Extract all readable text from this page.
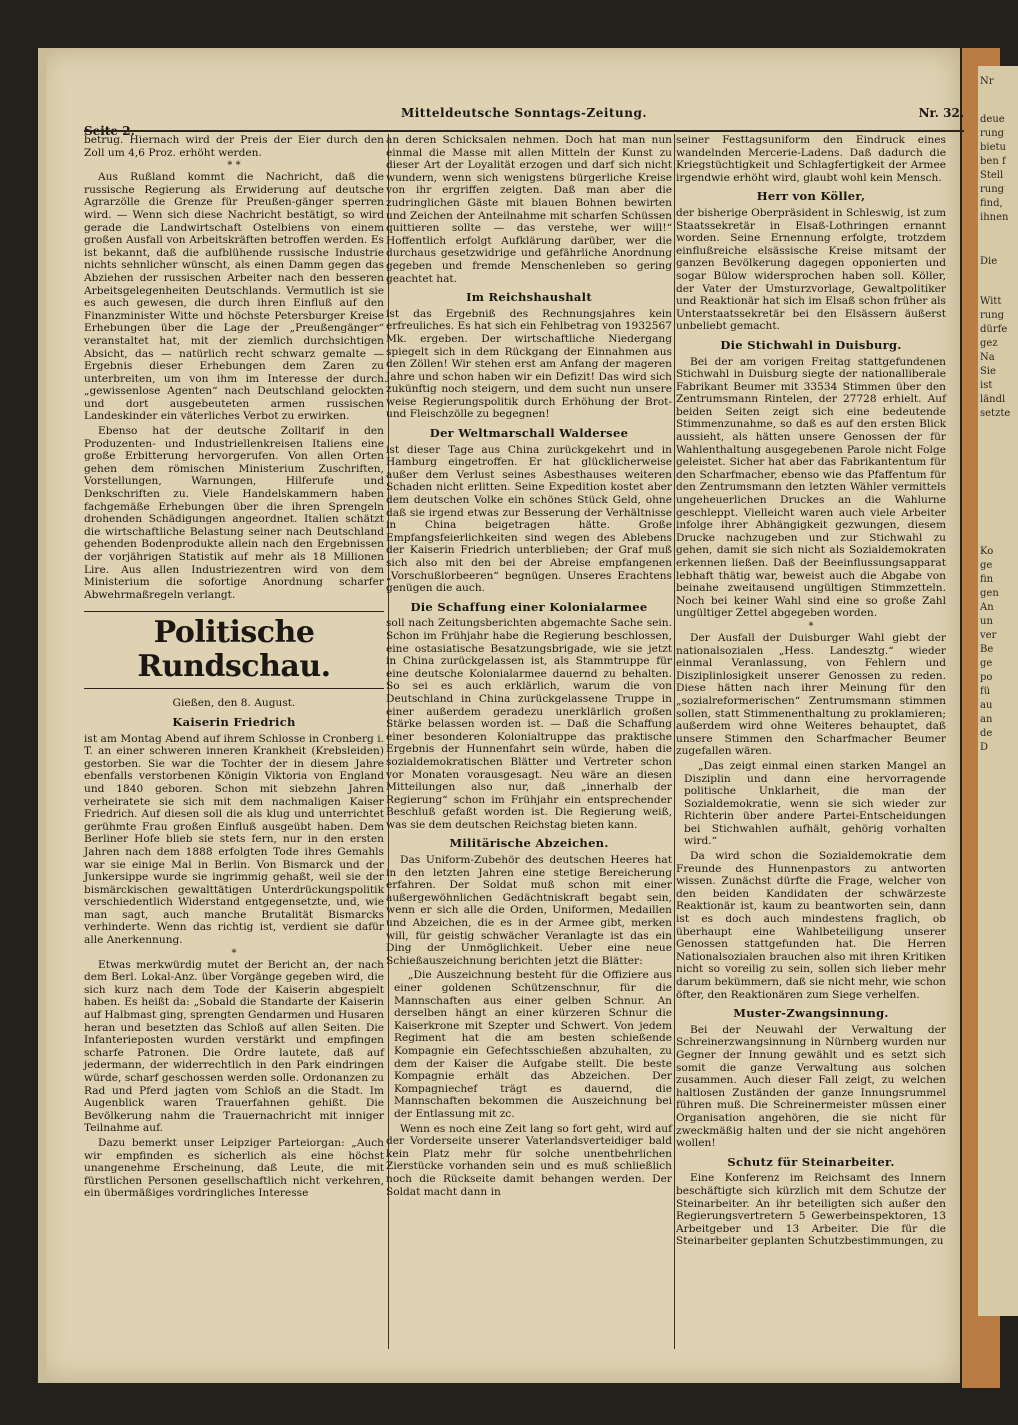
Nr
deue
rung
bietu
ben f
Stell
rung
find,
ihnen
Die
Witt
rung
dürfe
gez
Na
Sie
ist
ländl
setzte
Ko
ge
fin
gen
An
un
ver
Be
ge
po
fü
au
an
de
D
Seite 2.
Mitteldeutsche Sonntags-Zeitung.	Nr. 32.

betrug. Hiernach wird der Preis der Eier durch den Zoll um 4,6 Proz. erhöht werden.

* *

Aus Rußland kommt die Nachricht, daß die russische Regierung als Erwiderung auf deutsche Agrarzölle die Grenze für Preußen-gänger sperren wird. — Wenn sich diese Nachricht bestätigt, so wird gerade die Landwirtschaft Ostelbiens von einem großen Ausfall von Arbeitskräften betroffen werden. Es ist bekannt, daß die aufblühende russische Industrie nichts sehnlicher wünscht, als einen Damm gegen das Abziehen der russischen Arbeiter nach den besseren Arbeitsgelegenheiten Deutschlands. Vermutlich ist sie es auch gewesen, die durch ihren Einfluß auf den Finanzminister Witte und höchste Petersburger Kreise Erhebungen über die Lage der „Preußengänger“ veranstaltet hat, mit der ziemlich durchsichtigen Absicht, das — natürlich recht schwarz gemalte — Ergebnis dieser Erhebungen dem Zaren zu unterbreiten, um von ihm im Interesse der durch „gewissenlose Agenten“ nach Deutschland gelockten und dort ausgebeuteten armen russischen Landeskinder ein väterliches Verbot zu erwirken.

Ebenso hat der deutsche Zolltarif in den Produzenten- und Industriellenkreisen Italiens eine große Erbitterung hervorgerufen. Von allen Orten gehen dem römischen Ministerium Zuschriften, Vorstellungen, Warnungen, Hilferufe und Denkschriften zu. Viele Handelskammern haben fachgemäße Erhebungen über die ihren Sprengeln drohenden Schädigungen angeordnet. Italien schätzt die wirtschaftliche Belastung seiner nach Deutschland gehenden Bodenprodukte allein nach den Ergebnissen der vorjährigen Statistik auf mehr als 18 Millionen Lire. Aus allen Industriezentren wird von dem Ministerium die sofortige Anordnung scharfer Abwehrmaßregeln verlangt.

Politische Rundschau.
Gießen, den 8. August.
Kaiserin Friedrich

ist am Montag Abend auf ihrem Schlosse in Cronberg i. T. an einer schweren inneren Krankheit (Krebsleiden) gestorben. Sie war die Tochter der in diesem Jahre ebenfalls verstorbenen Königin Viktoria von England und 1840 geboren. Schon mit siebzehn Jahren verheiratete sie sich mit dem nachmaligen Kaiser Friedrich. Auf diesen soll die als klug und unterrichtet gerühmte Frau großen Einfluß ausgeübt haben. Dem Berliner Hofe blieb sie stets fern, nur in den ersten Jahren nach dem 1888 erfolgten Tode ihres Gemahls war sie einige Mal in Berlin. Von Bismarck und der Junkersippe wurde sie ingrimmig gehaßt, weil sie der bismärckischen gewalttätigen Unterdrückungspolitik verschiedentlich Widerstand entgegensetzte, und, wie man sagt, auch manche Brutalität Bismarcks verhinderte. Wenn das richtig ist, verdient sie dafür alle Anerkennung.

*

Etwas merkwürdig mutet der Bericht an, der nach dem Berl. Lokal-Anz. über Vorgänge gegeben wird, die sich kurz nach dem Tode der Kaiserin abgespielt haben. Es heißt da: „Sobald die Standarte der Kaiserin auf Halbmast ging, sprengten Gendarmen und Husaren heran und besetzten das Schloß auf allen Seiten. Die Infanterieposten wurden verstärkt und empfingen scharfe Patronen. Die Ordre lautete, daß auf jedermann, der widerrechtlich in den Park eindringen würde, scharf geschossen werden solle. Ordonanzen zu Rad und Pferd jagten vom Schloß an die Stadt. Im Augenblick waren Trauerfahnen gehißt. Die Bevölkerung nahm die Trauernachricht mit inniger Teilnahme auf.

Dazu bemerkt unser Leipziger Parteiorgan: „Auch wir empfinden es sicherlich als eine höchst unangenehme Erscheinung, daß Leute, die mit fürstlichen Personen gesellschaftlich nicht verkehren, ein übermäßiges vordringliches Interesse

an deren Schicksalen nehmen. Doch hat man nun einmal die Masse mit allen Mitteln der Kunst zu dieser Art der Loyalität erzogen und darf sich nicht wundern, wenn sich wenigstens bürgerliche Kreise von ihr ergriffen zeigten. Daß man aber die zudringlichen Gäste mit blauen Bohnen bewirten und Zeichen der Anteilnahme mit scharfen Schüssen quittieren sollte — das verstehe, wer will!“ Hoffentlich erfolgt Aufklärung darüber, wer die durchaus gesetzwidrige und gefährliche Anordnung gegeben und fremde Menschenleben so gering geachtet hat.

Im Reichshaushalt

ist das Ergebniß des Rechnungsjahres kein erfreuliches. Es hat sich ein Fehlbetrag von 1932567 Mk. ergeben. Der wirtschaftliche Niedergang spiegelt sich in dem Rückgang der Einnahmen aus den Zöllen! Wir stehen erst am Anfang der mageren Jahre und schon haben wir ein Defizit! Das wird sich zukünftig noch steigern, und dem sucht nun unsere weise Regierungspolitik durch Erhöhung der Brot- und Fleischzölle zu begegnen!

Der Weltmarschall Waldersee

ist dieser Tage aus China zurückgekehrt und in Hamburg eingetroffen. Er hat glücklicherweise außer dem Verlust seines Asbesthauses weiteren Schaden nicht erlitten. Seine Expedition kostet aber dem deutschen Volke ein schönes Stück Geld, ohne daß sie irgend etwas zur Besserung der Verhältnisse in China beigetragen hätte. Große Empfangsfeierlichkeiten sind wegen des Ablebens der Kaiserin Friedrich unterblieben; der Graf muß sich also mit den bei der Abreise empfangenen „Vorschußlorbeeren“ begnügen. Unseres Erachtens genügen die auch.

Die Schaffung einer Kolonialarmee

soll nach Zeitungsberichten abgemachte Sache sein. Schon im Frühjahr habe die Regierung beschlossen, eine ostasiatische Besatzungsbrigade, wie sie jetzt in China zurückgelassen ist, als Stammtruppe für eine deutsche Kolonialarmee dauernd zu behalten. So sei es auch erklärlich, warum die von Deutschland in China zurückgelassene Truppe in einer außerdem geradezu unerklärlich großen Stärke belassen worden ist. — Daß die Schaffung einer besonderen Kolonialtruppe das praktische Ergebnis der Hunnenfahrt sein würde, haben die sozialdemokratischen Blätter und Vertreter schon vor Monaten vorausgesagt. Neu wäre an diesen Mitteilungen also nur, daß „innerhalb der Regierung“ schon im Frühjahr ein entsprechender Beschluß gefaßt worden ist. Die Regierung weiß, was sie dem deutschen Reichstag bieten kann.

Militärische Abzeichen.

Das Uniform-Zubehör des deutschen Heeres hat in den letzten Jahren eine stetige Bereicherung erfahren. Der Soldat muß schon mit einer außergewöhnlichen Gedächtniskraft begabt sein, wenn er sich alle die Orden, Uniformen, Medaillen und Abzeichen, die es in der Armee gibt, merken will, für geistig schwächer Veranlagte ist das ein Ding der Unmöglichkeit. Ueber eine neue Schießauszeichnung berichten jetzt die Blätter:

„Die Auszeichnung besteht für die Offiziere aus einer goldenen Schützenschnur, für die Mannschaften aus einer gelben Schnur. An derselben hängt an einer kürzeren Schnur die Kaiserkrone mit Szepter und Schwert. Von jedem Regiment hat die am besten schießende Kompagnie ein Gefechtsschießen abzuhalten, zu dem der Kaiser die Aufgabe stellt. Die beste Kompagnie erhält das Abzeichen. Der Kompagniechef trägt es dauernd, die Mannschaften bekommen die Auszeichnung bei der Entlassung mit zc.

Wenn es noch eine Zeit lang so fort geht, wird auf der Vorderseite unserer Vaterlandsverteidiger bald kein Platz mehr für solche unentbehrlichen Zierstücke vorhanden sein und es muß schließlich noch die Rückseite damit behangen werden. Der Soldat macht dann in

seiner Festtagsuniform den Eindruck eines wandelnden Mercerie-Ladens. Daß dadurch die Kriegstüchtigkeit und Schlagfertigkeit der Armee irgendwie erhöht wird, glaubt wohl kein Mensch.

Herr von Köller,

der bisherige Oberpräsident in Schleswig, ist zum Staatssekretär in Elsaß-Lothringen ernannt worden. Seine Ernennung erfolgte, trotzdem einflußreiche elsässische Kreise mitsamt der ganzen Bevölkerung dagegen opponierten und sogar Bülow widersprochen haben soll. Köller, der Vater der Umsturzvorlage, Gewaltpolitiker und Reaktionär hat sich im Elsaß schon früher als Unterstaatssekretär bei den Elsässern äußerst unbeliebt gemacht.

Die Stichwahl in Duisburg.

Bei der am vorigen Freitag stattgefundenen Stichwahl in Duisburg siegte der nationalliberale Fabrikant Beumer mit 33534 Stimmen über den Zentrumsmann Rintelen, der 27728 erhielt. Auf beiden Seiten zeigt sich eine bedeutende Stimmenzunahme, so daß es auf den ersten Blick aussieht, als hätten unsere Genossen der für Wahlenthaltung ausgegebenen Parole nicht Folge geleistet. Sicher hat aber das Fabrikantentum für den Scharfmacher, ebenso wie das Pfaffentum für den Zentrumsmann den letzten Wähler vermittels ungeheuerlichen Druckes an die Wahlurne geschleppt. Vielleicht waren auch viele Arbeiter infolge ihrer Abhängigkeit gezwungen, diesem Drucke nachzugeben und zur Stichwahl zu gehen, damit sie sich nicht als Sozialdemokraten erkennen ließen. Daß der Beeinflussungsapparat lebhaft thätig war, beweist auch die Abgabe von beinahe zweitausend ungültigen Stimmzetteln. Noch bei keiner Wahl sind eine so große Zahl ungültiger Zettel abgegeben worden.

*

Der Ausfall der Duisburger Wahl giebt der nationalsozialen „Hess. Landesztg.“ wieder einmal Veranlassung, von Fehlern und Disziplinlosigkeit unserer Genossen zu reden. Diese hätten nach ihrer Meinung für den „sozialreformerischen“ Zentrumsmann stimmen sollen, statt Stimmenenthaltung zu proklamieren; außerdem wird ohne Weiteres behauptet, daß unsere Stimmen den Scharfmacher Beumer zugefallen wären.

„Das zeigt einmal einen starken Mangel an Disziplin und dann eine hervorragende politische Unklarheit, die man der Sozialdemokratie, wenn sie sich wieder zur Richterin über andere Partei-Entscheidungen bei Stichwahlen aufhält, gehörig vorhalten wird.“

Da wird schon die Sozialdemokratie dem Freunde des Hunnenpastors zu antworten wissen. Zunächst dürfte die Frage, welcher von den beiden Kandidaten der schwärzeste Reaktionär ist, kaum zu beantworten sein, dann ist es doch auch mindestens fraglich, ob überhaupt eine Wahlbeteiligung unserer Genossen stattgefunden hat. Die Herren Nationalsozialen brauchen also mit ihren Kritiken nicht so voreilig zu sein, sollen sich lieber mehr darum bekümmern, daß sie nicht mehr, wie schon öfter, den Reaktionären zum Siege verhelfen.

Muster-Zwangsinnung.

Bei der Neuwahl der Verwaltung der Schreinerzwangsinnung in Nürnberg wurden nur Gegner der Innung gewählt und es setzt sich somit die ganze Verwaltung aus solchen zusammen. Auch dieser Fall zeigt, zu welchen haltlosen Zuständen der ganze Innungsrummel führen muß. Die Schreinermeister müssen einer Organisation angehören, die sie nicht für zweckmäßig halten und der sie nicht angehören wollen!

Schutz für Steinarbeiter.

Eine Konferenz im Reichsamt des Innern beschäftigte sich kürzlich mit dem Schutze der Steinarbeiter. An ihr beteiligten sich außer den Regierungsvertretern 5 Gewerbeinspektoren, 13 Arbeitgeber und 13 Arbeiter. Die für die Steinarbeiter geplanten Schutzbestimmungen, zu
